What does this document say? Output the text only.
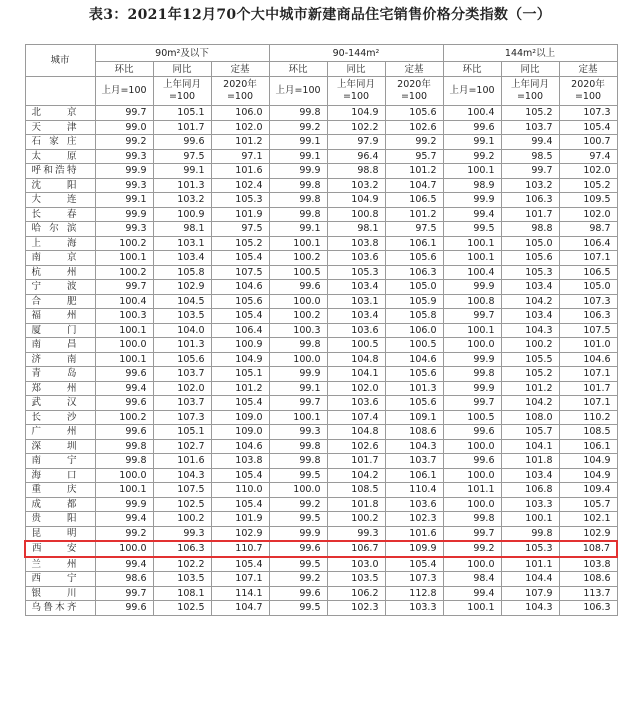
表3：2021年12月70个大中城市新建商品住宅销售价格分类指数（一）
城市	90m²及以下			90-144m²			144m²以上		
	环比	同比	定基	环比	同比	定基	环比	同比	定基
	上月=100	上年同月=100	2020年=100	上月=100	上年同月=100	2020年=100	上月=100	上年同月=100	2020年=100
北京	99.7	105.1	106.0	99.8	104.9	105.6	100.4	105.2	107.3
天津	99.0	101.7	102.0	99.2	102.2	102.6	99.6	103.7	105.4
石家庄	99.2	99.6	101.2	99.1	97.9	99.2	99.1	99.4	100.7
太原	99.3	97.5	97.1	99.1	96.4	95.7	99.2	98.5	97.4
呼和浩特	99.9	99.1	101.6	99.9	98.8	101.2	100.1	99.7	102.0
沈阳	99.3	101.3	102.4	99.8	103.2	104.7	98.9	103.2	105.2
大连	99.1	103.2	105.3	99.8	104.9	106.5	99.9	106.3	109.5
长春	99.9	100.9	101.9	99.8	100.8	101.2	99.4	101.7	102.0
哈尔滨	99.3	98.1	97.5	99.1	98.1	97.5	99.5	98.8	98.7
上海	100.2	103.1	105.2	100.1	103.8	106.1	100.1	105.0	106.4
南京	100.1	103.4	105.4	100.2	103.6	105.6	100.1	105.6	107.1
杭州	100.2	105.8	107.5	100.5	105.3	106.3	100.4	105.3	106.5
宁波	99.7	102.9	104.6	99.6	103.4	105.0	99.9	103.4	105.0
合肥	100.4	104.5	105.6	100.0	103.1	105.9	100.8	104.2	107.3
福州	100.3	103.5	105.4	100.2	103.4	105.8	99.7	103.4	106.3
厦门	100.1	104.0	106.4	100.3	103.6	106.0	100.1	104.3	107.5
南昌	100.0	101.3	100.9	99.8	100.5	100.5	100.0	100.2	101.0
济南	100.1	105.6	104.9	100.0	104.8	104.6	99.9	105.5	104.6
青岛	99.6	103.7	105.1	99.9	104.1	105.6	99.8	105.2	107.1
郑州	99.4	102.0	101.2	99.1	102.0	101.3	99.9	101.2	101.7
武汉	99.6	103.7	105.4	99.7	103.6	105.6	99.7	104.2	107.1
长沙	100.2	107.3	109.0	100.1	107.4	109.1	100.5	108.0	110.2
广州	99.6	105.1	109.0	99.3	104.8	108.6	99.6	105.7	108.5
深圳	99.8	102.7	104.6	99.8	102.6	104.3	100.0	104.1	106.1
南宁	99.8	101.6	103.8	99.8	101.7	103.7	99.6	101.8	104.9
海口	100.0	104.3	105.4	99.5	104.2	106.1	100.0	103.4	104.9
重庆	100.1	107.5	110.0	100.0	108.5	110.4	101.1	106.8	109.4
成都	99.9	102.5	105.4	99.2	101.8	103.6	100.0	103.3	105.7
贵阳	99.4	100.2	101.9	99.5	100.2	102.3	99.8	100.1	102.1
昆明	99.2	99.3	102.9	99.9	99.3	101.6	99.7	99.8	102.9
西安	100.0	106.3	110.7	99.6	106.7	109.9	99.2	105.3	108.7
兰州	99.4	102.2	105.4	99.5	103.0	105.4	100.0	101.1	103.8
西宁	98.6	103.5	107.1	99.2	103.5	107.3	98.4	104.4	108.6
银川	99.7	108.1	114.1	99.6	106.2	112.8	99.4	107.9	113.7
乌鲁木齐	99.6	102.5	104.7	99.5	102.3	103.3	100.1	104.3	106.3
